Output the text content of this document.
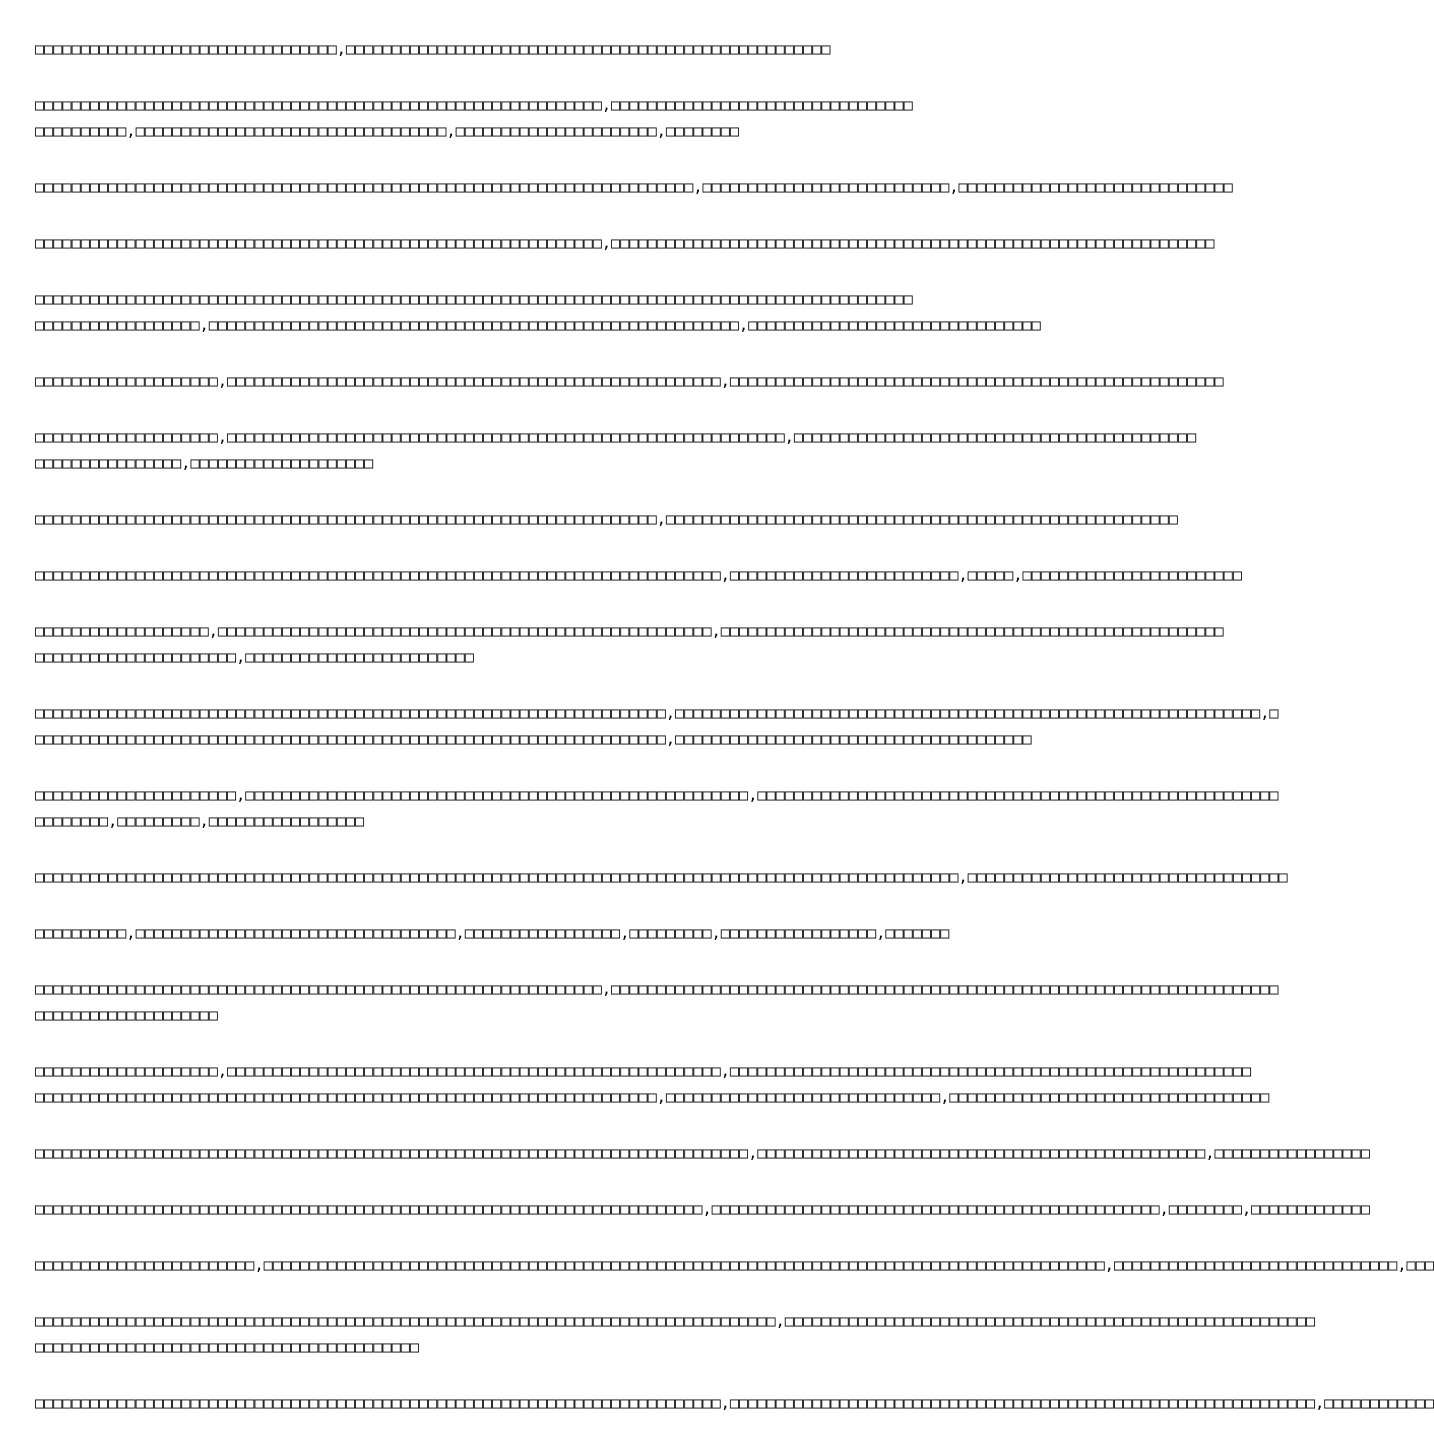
□□□□□□□□□□□□□□□□□□□□□□□□□□□□□□□□□,□□□□□□□□□□□□□□□□□□□□□□□□□□□□□□□□□□□□□□□□□□□□□□□□□□□□□

□□□□□□□□□□□□□□□□□□□□□□□□□□□□□□□□□□□□□□□□□□□□□□□□□□□□□□□□□□□□□□,□□□□□□□□□□□□□□□□□□□□□□□□□□□□□□□□□
□□□□□□□□□□,□□□□□□□□□□□□□□□□□□□□□□□□□□□□□□□□□□,□□□□□□□□□□□□□□□□□□□□□□,□□□□□□□□

□□□□□□□□□□□□□□□□□□□□□□□□□□□□□□□□□□□□□□□□□□□□□□□□□□□□□□□□□□□□□□□□□□□□□□□□,□□□□□□□□□□□□□□□□□□□□□□□□□□□,□□□□□□□□□□□□□□□□□□□□□□□□□□□□□□

□□□□□□□□□□□□□□□□□□□□□□□□□□□□□□□□□□□□□□□□□□□□□□□□□□□□□□□□□□□□□□,□□□□□□□□□□□□□□□□□□□□□□□□□□□□□□□□□□□□□□□□□□□□□□□□□□□□□□□□□□□□□□□□□□

□□□□□□□□□□□□□□□□□□□□□□□□□□□□□□□□□□□□□□□□□□□□□□□□□□□□□□□□□□□□□□□□□□□□□□□□□□□□□□□□□□□□□□□□□□□□□□□□
□□□□□□□□□□□□□□□□□□,□□□□□□□□□□□□□□□□□□□□□□□□□□□□□□□□□□□□□□□□□□□□□□□□□□□□□□□□□□,□□□□□□□□□□□□□□□□□□□□□□□□□□□□□□□□

□□□□□□□□□□□□□□□□□□□□,□□□□□□□□□□□□□□□□□□□□□□□□□□□□□□□□□□□□□□□□□□□□□□□□□□□□□□,□□□□□□□□□□□□□□□□□□□□□□□□□□□□□□□□□□□□□□□□□□□□□□□□□□□□□□

□□□□□□□□□□□□□□□□□□□□,□□□□□□□□□□□□□□□□□□□□□□□□□□□□□□□□□□□□□□□□□□□□□□□□□□□□□□□□□□□□□,□□□□□□□□□□□□□□□□□□□□□□□□□□□□□□□□□□□□□□□□□□□□
□□□□□□□□□□□□□□□□,□□□□□□□□□□□□□□□□□□□□

□□□□□□□□□□□□□□□□□□□□□□□□□□□□□□□□□□□□□□□□□□□□□□□□□□□□□□□□□□□□□□□□□□□□,□□□□□□□□□□□□□□□□□□□□□□□□□□□□□□□□□□□□□□□□□□□□□□□□□□□□□□□□

□□□□□□□□□□□□□□□□□□□□□□□□□□□□□□□□□□□□□□□□□□□□□□□□□□□□□□□□□□□□□□□□□□□□□□□□□□□,□□□□□□□□□□□□□□□□□□□□□□□□□,□□□□□,□□□□□□□□□□□□□□□□□□□□□□□□

□□□□□□□□□□□□□□□□□□□,□□□□□□□□□□□□□□□□□□□□□□□□□□□□□□□□□□□□□□□□□□□□□□□□□□□□□□,□□□□□□□□□□□□□□□□□□□□□□□□□□□□□□□□□□□□□□□□□□□□□□□□□□□□□□□
□□□□□□□□□□□□□□□□□□□□□□,□□□□□□□□□□□□□□□□□□□□□□□□□

□□□□□□□□□□□□□□□□□□□□□□□□□□□□□□□□□□□□□□□□□□□□□□□□□□□□□□□□□□□□□□□□□□□□□,□□□□□□□□□□□□□□□□□□□□□□□□□□□□□□□□□□□□□□□□□□□□□□□□□□□□□□□□□□□□□□□□,□
□□□□□□□□□□□□□□□□□□□□□□□□□□□□□□□□□□□□□□□□□□□□□□□□□□□□□□□□□□□□□□□□□□□□□,□□□□□□□□□□□□□□□□□□□□□□□□□□□□□□□□□□□□□□□

□□□□□□□□□□□□□□□□□□□□□□,□□□□□□□□□□□□□□□□□□□□□□□□□□□□□□□□□□□□□□□□□□□□□□□□□□□□□□□,□□□□□□□□□□□□□□□□□□□□□□□□□□□□□□□□□□□□□□□□□□□□□□□□□□□□□□□□□
□□□□□□□□,□□□□□□□□□,□□□□□□□□□□□□□□□□□

□□□□□□□□□□□□□□□□□□□□□□□□□□□□□□□□□□□□□□□□□□□□□□□□□□□□□□□□□□□□□□□□□□□□□□□□□□□□□□□□□□□□□□□□□□□□□□□□□□□□□,□□□□□□□□□□□□□□□□□□□□□□□□□□□□□□□□□□□

□□□□□□□□□□,□□□□□□□□□□□□□□□□□□□□□□□□□□□□□□□□□□□,□□□□□□□□□□□□□□□□□,□□□□□□□□□,□□□□□□□□□□□□□□□□□,□□□□□□□

□□□□□□□□□□□□□□□□□□□□□□□□□□□□□□□□□□□□□□□□□□□□□□□□□□□□□□□□□□□□□□,□□□□□□□□□□□□□□□□□□□□□□□□□□□□□□□□□□□□□□□□□□□□□□□□□□□□□□□□□□□□□□□□□□□□□□□□□
□□□□□□□□□□□□□□□□□□□□

□□□□□□□□□□□□□□□□□□□□,□□□□□□□□□□□□□□□□□□□□□□□□□□□□□□□□□□□□□□□□□□□□□□□□□□□□□□,□□□□□□□□□□□□□□□□□□□□□□□□□□□□□□□□□□□□□□□□□□□□□□□□□□□□□□□□□
□□□□□□□□□□□□□□□□□□□□□□□□□□□□□□□□□□□□□□□□□□□□□□□□□□□□□□□□□□□□□□□□□□□□,□□□□□□□□□□□□□□□□□□□□□□□□□□□□□□,□□□□□□□□□□□□□□□□□□□□□□□□□□□□□□□□□□□

□□□□□□□□□□□□□□□□□□□□□□□□□□□□□□□□□□□□□□□□□□□□□□□□□□□□□□□□□□□□□□□□□□□□□□□□□□□□□□,□□□□□□□□□□□□□□□□□□□□□□□□□□□□□□□□□□□□□□□□□□□□□□□□□,□□□□□□□□□□□□□□□□□

□□□□□□□□□□□□□□□□□□□□□□□□□□□□□□□□□□□□□□□□□□□□□□□□□□□□□□□□□□□□□□□□□□□□□□□□□,□□□□□□□□□□□□□□□□□□□□□□□□□□□□□□□□□□□□□□□□□□□□□□□□□,□□□□□□□□,□□□□□□□□□□□□□

□□□□□□□□□□□□□□□□□□□□□□□□,□□□□□□□□□□□□□□□□□□□□□□□□□□□□□□□□□□□□□□□□□□□□□□□□□□□□□□□□□□□□□□□□□□□□□□□□□□□□□□□□□□□□□□□□□□□□,□□□□□□□□□□□□□□□□□□□□□□□□□□□□□□□,□□□

□□□□□□□□□□□□□□□□□□□□□□□□□□□□□□□□□□□□□□□□□□□□□□□□□□□□□□□□□□□□□□□□□□□□□□□□□□□□□□□□□,□□□□□□□□□□□□□□□□□□□□□□□□□□□□□□□□□□□□□□□□□□□□□□□□□□□□□□□□□□
□□□□□□□□□□□□□□□□□□□□□□□□□□□□□□□□□□□□□□□□□□

□□□□□□□□□□□□□□□□□□□□□□□□□□□□□□□□□□□□□□□□□□□□□□□□□□□□□□□□□□□□□□□□□□□□□□□□□□□,□□□□□□□□□□□□□□□□□□□□□□□□□□□□□□□□□□□□□□□□□□□□□□□□□□□□□□□□□□□□□□□□,□□□□□□□□□□□□
